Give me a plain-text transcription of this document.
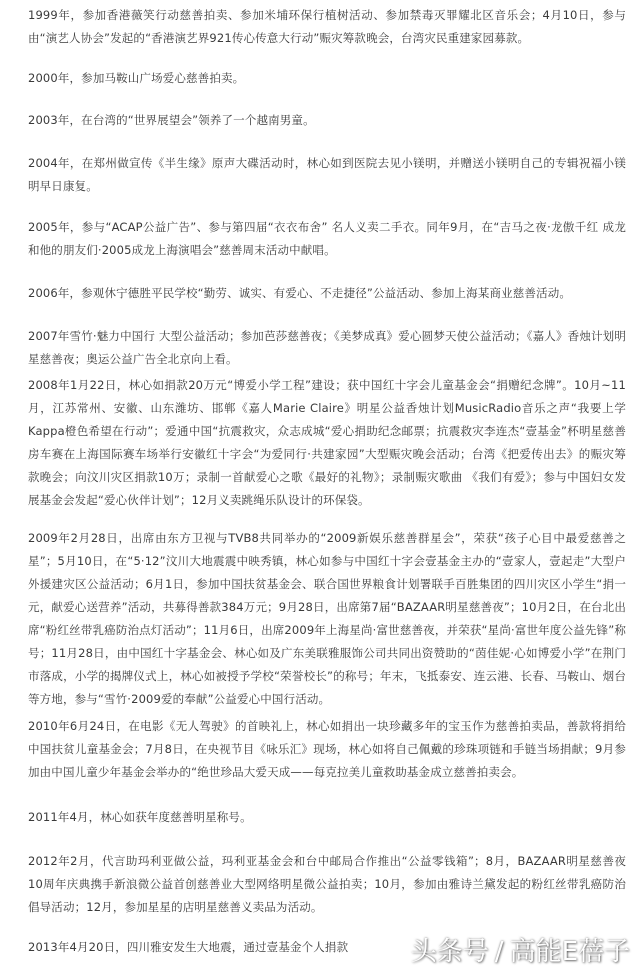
1999年，参加香港薇笑行动慈善拍卖、参加米埔环保行植树活动、参加禁毒灭罪耀北区音乐会；4月10日，参与由“演艺人协会”发起的“香港演艺界921传心传意大行动”赈灾筹款晚会，台湾灾民重建家园募款。

2000年，参加马鞍山广场爱心慈善拍卖。

2003年，在台湾的“世界展望会”领养了一个越南男童。

2004年，在郑州做宣传《半生缘》原声大碟活动时，林心如到医院去见小镁明，并赠送小镁明自己的专辑祝福小镁明早日康复。

2005年，参与“ACAP公益广告”、参与第四届“衣衣布舍” 名人义卖二手衣。同年9月，在“吉马之夜·龙傲千红 成龙和他的朋友们·2005成龙上海演唱会”慈善周末活动中献唱。

2006年，参观休宁德胜平民学校“勤劳、诚实、有爱心、不走捷径”公益活动、参加上海某商业慈善活动。

2007年雪竹·魅力中国行 大型公益活动；参加芭莎慈善夜；《美梦成真》爱心圆梦天使公益活动；《嘉人》香烛计划明星慈善夜；奥运公益广告全北京向上看。

2008年1月22日，林心如捐款20万元“博爱小学工程”建设；获中国红十字会儿童基金会“捐赠纪念牌”。10月~11月，江苏常州、安徽、山东潍坊、邯郸《嘉人Marie Claire》明星公益香烛计划MusicRadio音乐之声“我要上学Kappa橙色希望在行动”；爱通中国“抗震救灾，众志成城“爱心捐助纪念邮票；抗震救灾李连杰“壹基金”杯明星慈善房车赛在上海国际赛车场举行安徽红十字会“为爱同行·共建家园”大型赈灾晚会活动；台湾《把爱传出去》的赈灾筹款晚会；向汶川灾区捐款10万；录制一首献爱心之歌《最好的礼物》；录制赈灾歌曲 《我们有爱》；参与中国妇女发展基金会发起“爱心伙伴计划”；12月义卖跳绳乐队设计的环保袋。

2009年2月28日，出席由东方卫视与TVB8共同举办的“2009新娱乐慈善群星会”，荣获“孩子心目中最爱慈善之星”；5月10日，在“5·12”汶川大地震震中映秀镇，林心如参与中国红十字会壹基金主办的“壹家人，壹起走”大型户外援建灾区公益活动；6月1日，参加中国扶贫基金会、联合国世界粮食计划署联手百胜集团的四川灾区小学生“捐一元，献爱心送营养”活动，共募得善款384万元；9月28日，出席第7届“BAZAAR明星慈善夜”；10月2日，在台北出席“粉红丝带乳癌防治点灯活动”；11月6日，出席2009年上海星尚·富世慈善夜，并荣获“星尚·富世年度公益先锋”称号；11月28日，由中国红十字基金会、林心如及广东美联雅服饰公司共同出资赞助的“茵佳妮·心如博爱小学”在荆门市落成，小学的揭牌仪式上，林心如被授予学校“荣誉校长”的称号；年末，飞抵泰安、连云港、长春、马鞍山、烟台等方地，参与“雪竹·2009爱的奉献”公益爱心中国行活动。

2010年6月24日，在电影《无人驾驶》的首映礼上，林心如捐出一块珍藏多年的宝玉作为慈善拍卖品，善款将捐给中国扶贫儿童基金会；7月8日，在央视节目《咏乐汇》现场，林心如将自己佩戴的珍珠项链和手链当场捐献；9月参加由中国儿童少年基金会举办的“绝世珍品大爱天成——每克拉美儿童救助基金成立慈善拍卖会。

2011年4月，林心如获年度慈善明星称号。

2012年2月，代言助玛利亚做公益，玛利亚基金会和台中邮局合作推出“公益零钱箱”；8月，BAZAAR明星慈善夜10周年庆典携手新浪微公益首创慈善业大型网络明星微公益拍卖；10月，参加由雅诗兰黛发起的粉红丝带乳癌防治倡导活动；12月，参加星星的店明星慈善义卖品为活动。

2013年4月20日，四川雅安发生大地震，通过壹基金个人捐款 头条号 / 高能E蓓子
